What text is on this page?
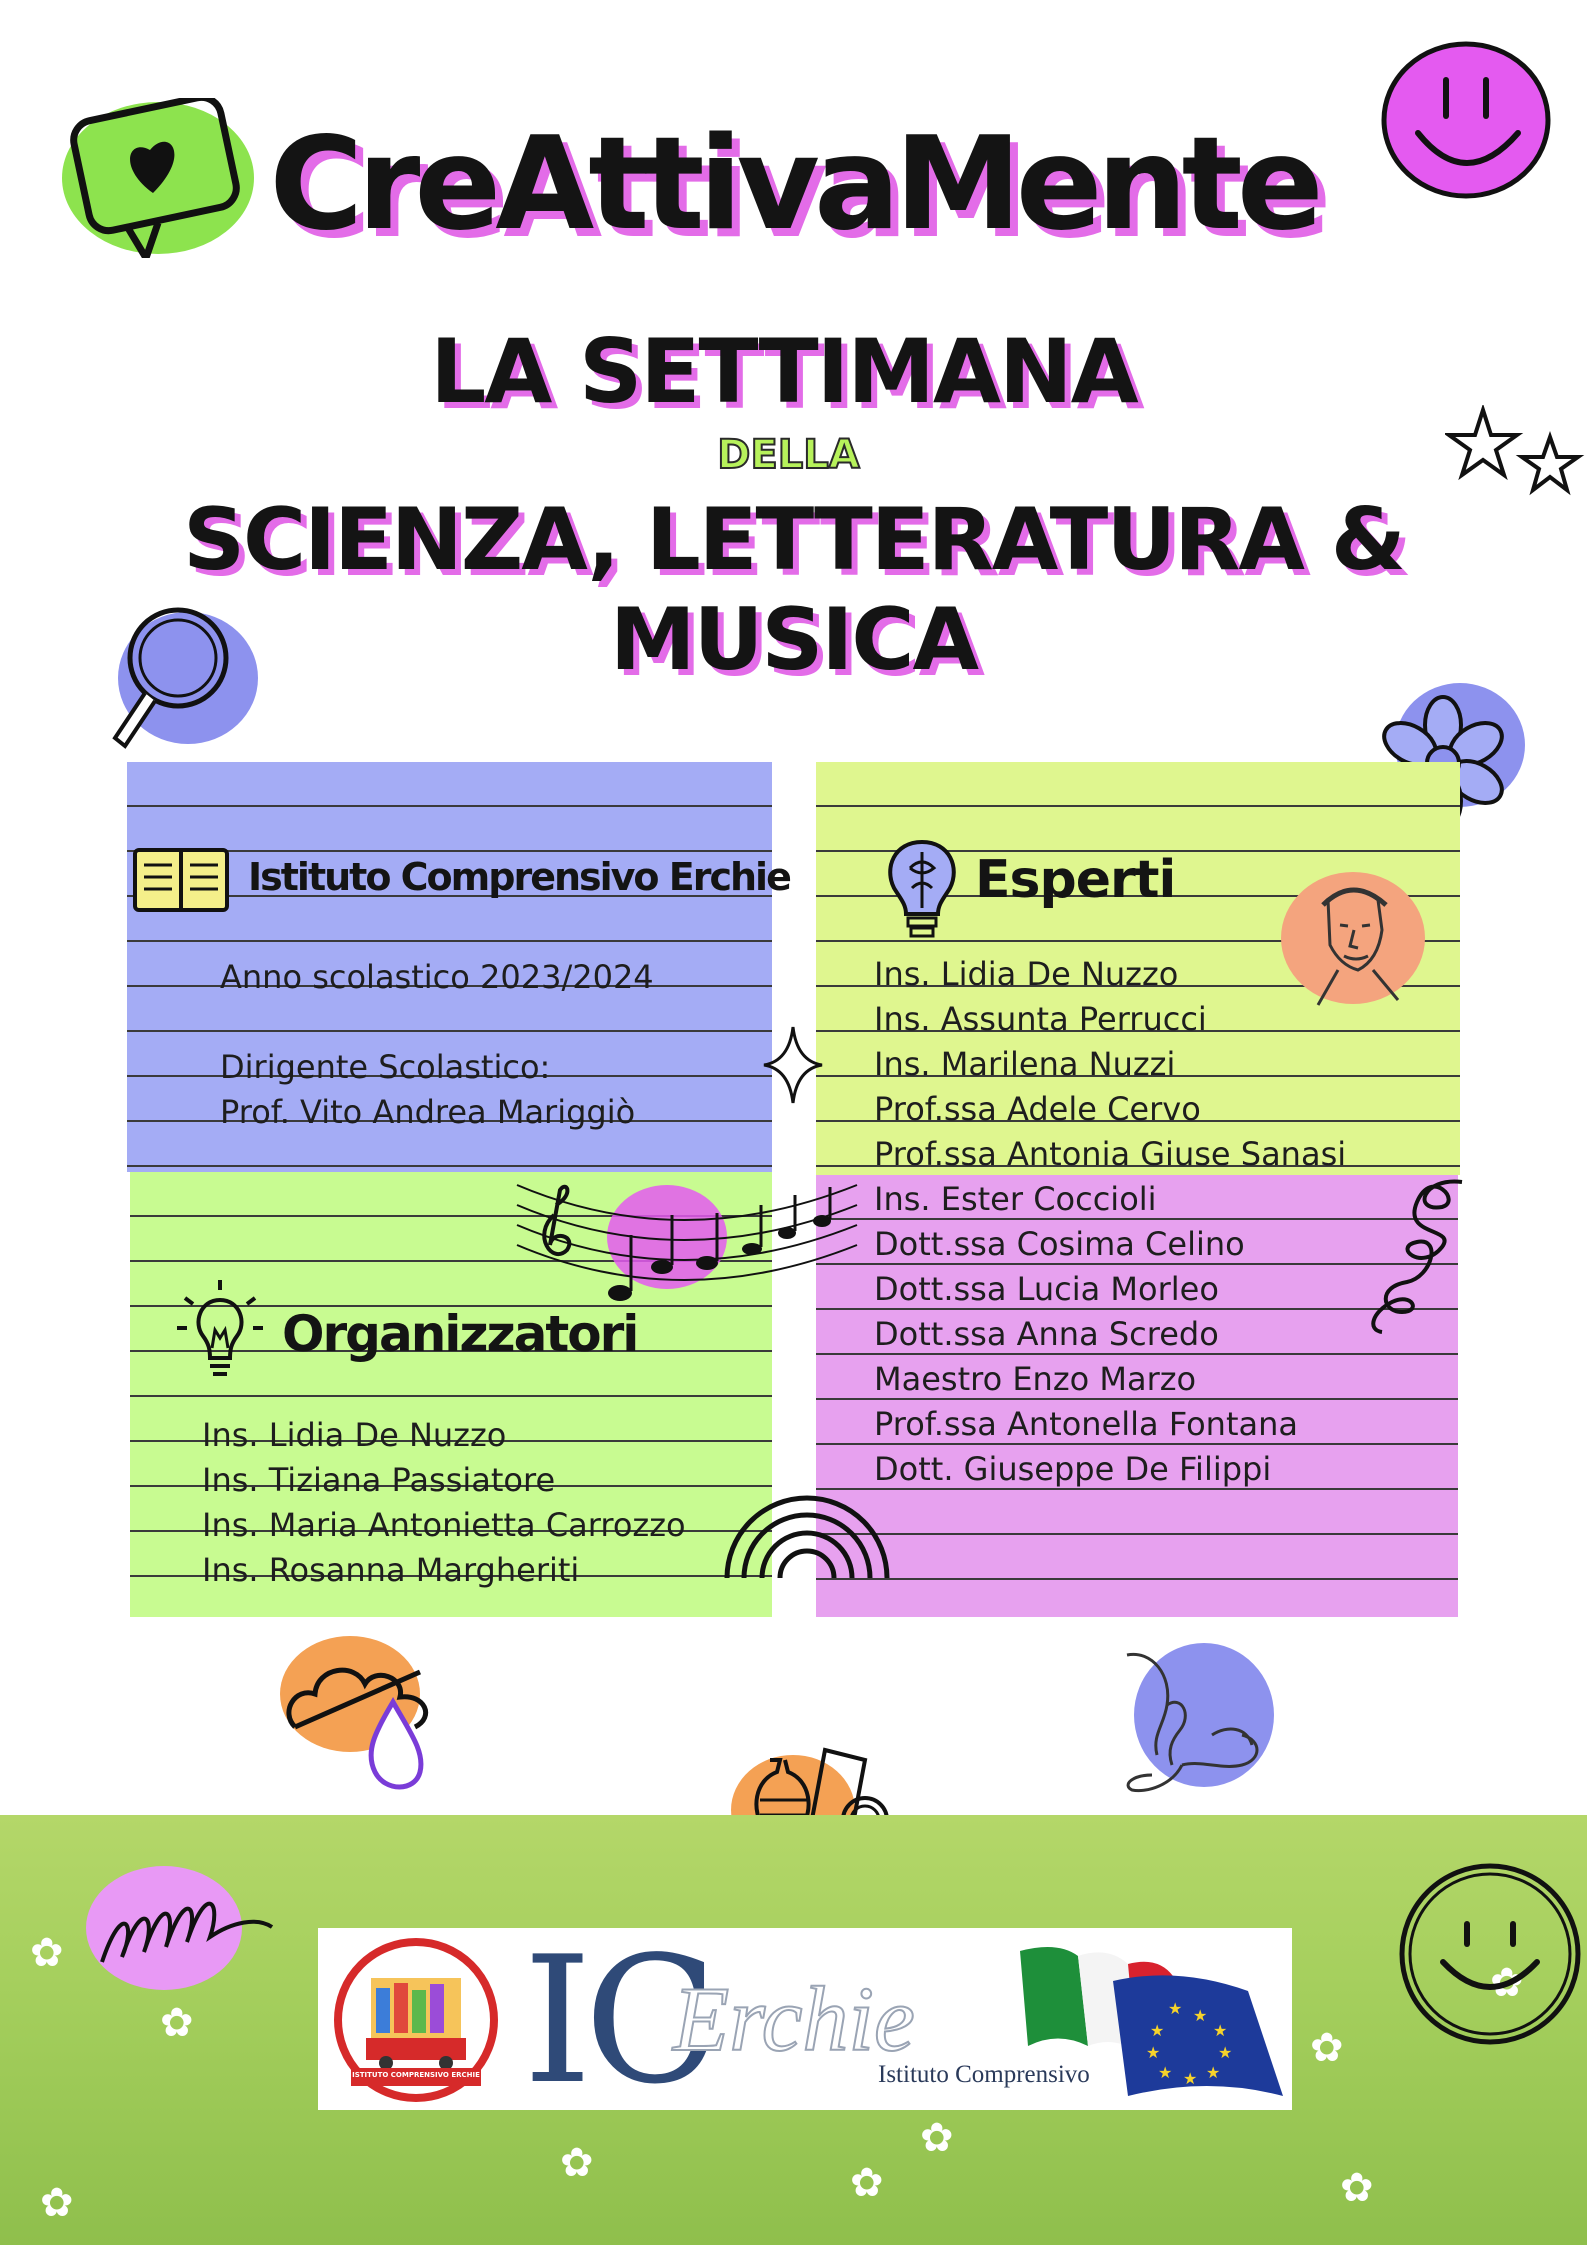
CreAttivaMente
LA SETTIMANA
DELLA
SCIENZA, LETTERATURA & MUSICA
Istituto Comprensivo Erchie
Anno scolastico 2023/2024
Dirigente Scolastico:
Prof. Vito Andrea Mariggiò
Esperti
Ins. Lidia De Nuzzo
Ins. Assunta Perrucci
Ins. Marilena Nuzzi
Prof.ssa Adele Cervo
Prof.ssa Antonia Giuse Sanasi
Ins. Ester Coccioli
Dott.ssa Cosima Celino
Dott.ssa Lucia Morleo
Dott.ssa Anna Scredo
Maestro Enzo Marzo
Prof.ssa Antonella Fontana
Dott. Giuseppe De Filippi
Organizzatori
Ins. Lidia De Nuzzo
Ins. Tiziana Passiatore
Ins. Maria Antonietta Carrozzo
Ins. Rosanna Margheriti
✿
✿
✿
✿
✿
✿	✿	✿
✿
ISTITUTO COMPRENSIVO ERCHIE IC
Erchie
Istituto Comprensivo
★ ★
★
★
★
★
★
★
★
